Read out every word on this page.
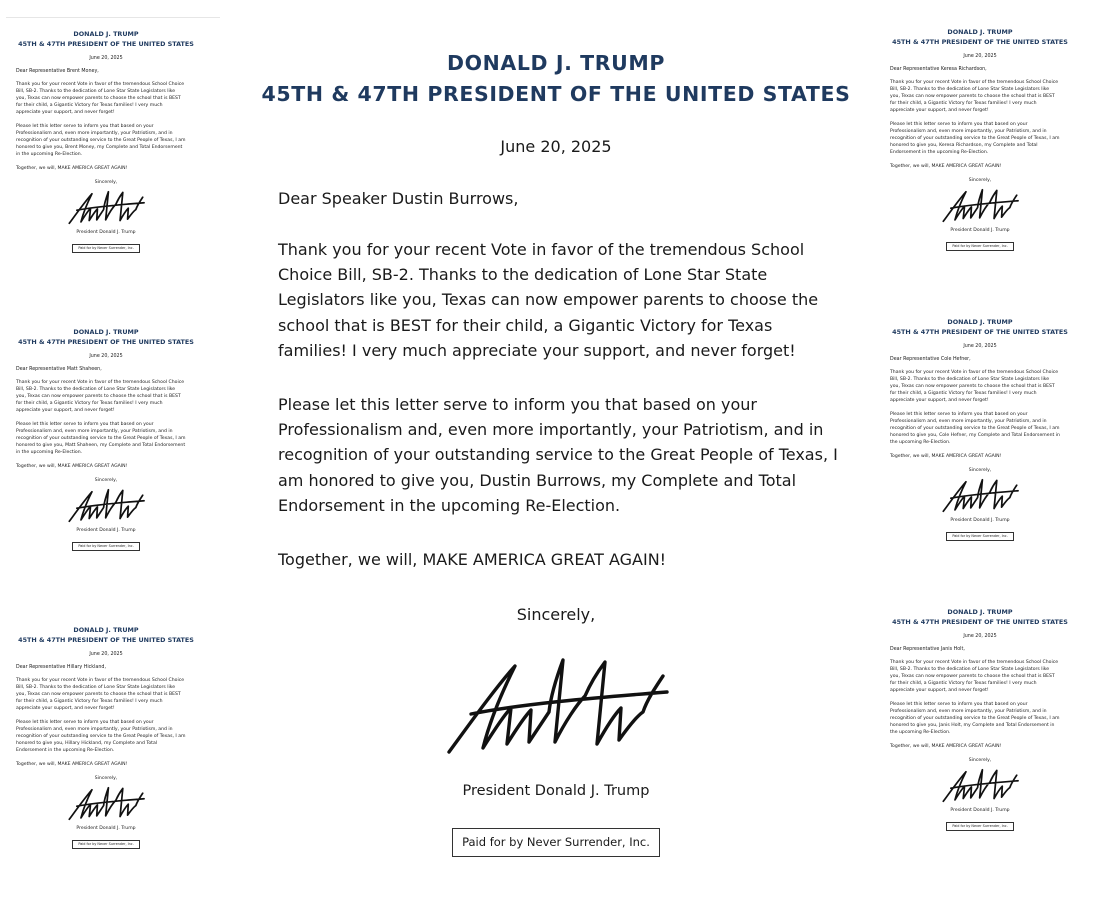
DONALD J. TRUMP
45TH & 47TH PRESIDENT OF THE UNITED STATES
June 20, 2025
Dear Speaker Dustin Burrows,

Thank you for your recent Vote in favor of the tremendous School Choice Bill, SB-2. Thanks to the dedication of Lone Star State Legislators like you, Texas can now empower parents to choose the school that is BEST for their child, a Gigantic Victory for Texas families! I very much appreciate your support, and never forget!

Please let this letter serve to inform you that based on your Professionalism and, even more importantly, your Patriotism, and in recognition of your outstanding service to the Great People of Texas, I am honored to give you, Dustin Burrows, my Complete and Total Endorsement in the upcoming Re-Election.

Together, we will, MAKE AMERICA GREAT AGAIN!

Sincerely,
President Donald J. Trump
Paid for by Never Surrender, Inc.
DONALD J. TRUMP
45TH & 47TH PRESIDENT OF THE UNITED STATES
June 20, 2025
Dear Representative Brent Money,

Thank you for your recent Vote in favor of the tremendous School Choice Bill, SB-2. Thanks to the dedication of Lone Star State Legislators like you, Texas can now empower parents to choose the school that is BEST for their child, a Gigantic Victory for Texas families! I very much appreciate your support, and never forget!

Please let this letter serve to inform you that based on your Professionalism and, even more importantly, your Patriotism, and in recognition of your outstanding service to the Great People of Texas, I am honored to give you, Brent Money, my Complete and Total Endorsement in the upcoming Re-Election.

Together, we will, MAKE AMERICA GREAT AGAIN!

Sincerely,
President Donald J. Trump
Paid for by Never Surrender, Inc.
DONALD J. TRUMP
45TH & 47TH PRESIDENT OF THE UNITED STATES
June 20, 2025
Dear Representative Matt Shaheen,

Thank you for your recent Vote in favor of the tremendous School Choice Bill, SB-2. Thanks to the dedication of Lone Star State Legislators like you, Texas can now empower parents to choose the school that is BEST for their child, a Gigantic Victory for Texas families! I very much appreciate your support, and never forget!

Please let this letter serve to inform you that based on your Professionalism and, even more importantly, your Patriotism, and in recognition of your outstanding service to the Great People of Texas, I am honored to give you, Matt Shaheen, my Complete and Total Endorsement in the upcoming Re-Election.

Together, we will, MAKE AMERICA GREAT AGAIN!

Sincerely,
President Donald J. Trump
Paid for by Never Surrender, Inc.
DONALD J. TRUMP
45TH & 47TH PRESIDENT OF THE UNITED STATES
June 20, 2025
Dear Representative Hillary Hickland,

Thank you for your recent Vote in favor of the tremendous School Choice Bill, SB-2. Thanks to the dedication of Lone Star State Legislators like you, Texas can now empower parents to choose the school that is BEST for their child, a Gigantic Victory for Texas families! I very much appreciate your support, and never forget!

Please let this letter serve to inform you that based on your Professionalism and, even more importantly, your Patriotism, and in recognition of your outstanding service to the Great People of Texas, I am honored to give you, Hillary Hickland, my Complete and Total Endorsement in the upcoming Re-Election.

Together, we will, MAKE AMERICA GREAT AGAIN!

Sincerely,
President Donald J. Trump
Paid for by Never Surrender, Inc.
DONALD J. TRUMP
45TH & 47TH PRESIDENT OF THE UNITED STATES
June 20, 2025
Dear Representative Keresa Richardson,

Thank you for your recent Vote in favor of the tremendous School Choice Bill, SB-2. Thanks to the dedication of Lone Star State Legislators like you, Texas can now empower parents to choose the school that is BEST for their child, a Gigantic Victory for Texas families! I very much appreciate your support, and never forget!

Please let this letter serve to inform you that based on your Professionalism and, even more importantly, your Patriotism, and in recognition of your outstanding service to the Great People of Texas, I am honored to give you, Keresa Richardson, my Complete and Total Endorsement in the upcoming Re-Election.

Together, we will, MAKE AMERICA GREAT AGAIN!

Sincerely,
President Donald J. Trump
Paid for by Never Surrender, Inc.
DONALD J. TRUMP
45TH & 47TH PRESIDENT OF THE UNITED STATES
June 20, 2025
Dear Representative Cole Hefner,

Thank you for your recent Vote in favor of the tremendous School Choice Bill, SB-2. Thanks to the dedication of Lone Star State Legislators like you, Texas can now empower parents to choose the school that is BEST for their child, a Gigantic Victory for Texas families! I very much appreciate your support, and never forget!

Please let this letter serve to inform you that based on your Professionalism and, even more importantly, your Patriotism, and in recognition of your outstanding service to the Great People of Texas, I am honored to give you, Cole Hefner, my Complete and Total Endorsement in the upcoming Re-Election.

Together, we will, MAKE AMERICA GREAT AGAIN!

Sincerely,
President Donald J. Trump
Paid for by Never Surrender, Inc.
DONALD J. TRUMP
45TH & 47TH PRESIDENT OF THE UNITED STATES
June 20, 2025
Dear Representative Janis Holt,

Thank you for your recent Vote in favor of the tremendous School Choice Bill, SB-2. Thanks to the dedication of Lone Star State Legislators like you, Texas can now empower parents to choose the school that is BEST for their child, a Gigantic Victory for Texas families! I very much appreciate your support, and never forget!

Please let this letter serve to inform you that based on your Professionalism and, even more importantly, your Patriotism, and in recognition of your outstanding service to the Great People of Texas, I am honored to give you, Janis Holt, my Complete and Total Endorsement in the upcoming Re-Election.

Together, we will, MAKE AMERICA GREAT AGAIN!

Sincerely,
President Donald J. Trump
Paid for by Never Surrender, Inc.
